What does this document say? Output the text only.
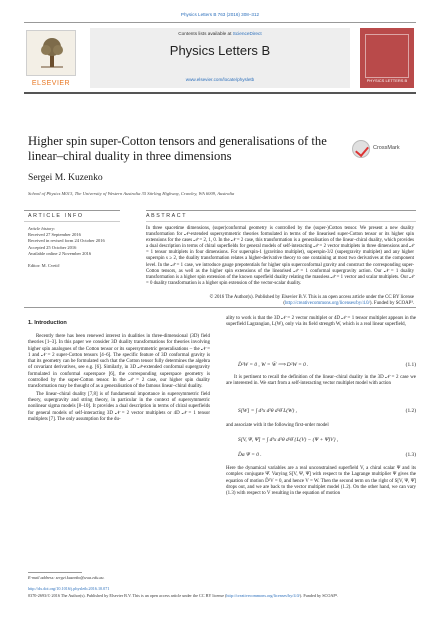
Physics Letters B 763 (2016) 308–312
ELSEVIER
Contents lists available at ScienceDirect
Physics Letters B
www.elsevier.com/locate/physletb	PHYSICS LETTERS B
Higher spin super-Cotton tensors and generalisations of the linear–chiral duality in three dimensions
CrossMark
Sergei M. Kuzenko
School of Physics M013, The University of Western Australia 35 Stirling Highway, Crawley, WA 6009, Australia
ARTICLE INFO	ABSTRACT
Article history:
Received 27 September 2016
Received in revised form 24 October 2016
Accepted 25 October 2016
Available online 2 November 2016
Editor: M. Cvetič
In three spacetime dimensions, (super)conformal geometry is controlled by the (super-)Cotton tensor. We present a new duality transformation for 𝒩-extended supersymmetric theories formulated in terms of the linearised super-Cotton tensor or its higher spin extensions for the cases 𝒩 = 2, 1, 0. In the 𝒩 = 2 case, this transformation is a generalisation of the linear–chiral duality, which provides a dual description in terms of chiral superfields for general models of self-interacting 𝒩 = 2 vector multiplets in three dimensions and 𝒩 = 1 tensor multiplets in four dimensions. For superspin-1 (gravitino multiplet), superspin-3/2 (supergravity multiplet) and any higher superspin s ≥ 2, the duality transformation relates a higher-derivative theory to one containing at most two derivatives at the component level. In the 𝒩 = 1 case, we introduce gauge prepotentials for higher spin superconformal gravity and construct the corresponding super-Cotton tensors, as well as the higher spin extensions of the linearised 𝒩 = 1 conformal supergravity action. Our 𝒩 = 1 duality transformation is a higher spin extension of the known superfield duality relating the massless 𝒩 = 1 vector and scalar multiplets. Our 𝒩 = 0 duality transformation is a higher spin extension of the vector-scalar duality.
© 2016 The Author(s). Published by Elsevier B.V. This is an open access article under the CC BY license (http://creativecommons.org/licenses/by/4.0/). Funded by SCOAP³.
1. Introduction

Recently there has been renewed interest in dualities in three-dimensional (3D) field theories [1–3]. In this paper we consider 3D duality transformations for theories involving higher spin analogues of the Cotton tensor or its supersymmetric generalisations – the 𝒩 = 1 and 𝒩 = 2 super-Cotton tensors [4–6]. The specific feature of 3D conformal gravity is that its geometry can be formulated such that the Cotton tensor fully determines the algebra of covariant derivatives, see e.g. [6]. Similarly, in 3D 𝒩-extended conformal supergravity formulated in conformal superspace [6], the corresponding superspace geometry is controlled by the super-Cotton tensor. In the 𝒩 = 2 case, our higher spin duality transformation may be thought of as a generalisation of the famous linear–chiral duality.

The linear–chiral duality [7,8] is of fundamental importance in supersymmetric field theory, supergravity and string theory, in particular in the context of supersymmetric nonlinear sigma models [8–10]. It provides a dual description in terms of chiral superfields for general models of self-interacting 3D 𝒩 = 2 vector multiplets or 4D 𝒩 = 1 tensor multiplets [7]. The only assumption for the du-

ality to work is that the 3D 𝒩 = 2 vector multiplet or 4D 𝒩 = 1 tensor multiplet appears in the superfield Lagrangian, L(W), only via its field strength W, which is a real linear superfield,

D̄²W = 0 , W = W̄ ⟹ D²W = 0 .	(1.1)

It is pertinent to recall the definition of the linear–chiral duality in the 3D 𝒩 = 2 case we are interested in. We start from a self-interacting vector multiplet model with action

S[W] = ∫ d³x d²θ d²θ̄ L(W) ,	(1.2)

and associate with it the following first-order model

S[V, Ψ, Ψ̄] = ∫ d³x d²θ d²θ̄ {L(V) − (Ψ + Ψ̄)V} ,
D̄α Ψ = 0 .	(1.3)

Here the dynamical variables are a real unconstrained superfield V, a chiral scalar Ψ and its complex conjugate Ψ̄. Varying S[V, Ψ, Ψ̄] with respect to the Lagrange multiplier Ψ gives the equation of motion D̄²V = 0, and hence V = W. Then the second term on the right of S[V, Ψ, Ψ̄] drops out, and we are back to the vector multiplet model (1.2). On the other hand, we can vary (1.3) with respect to V resulting in the equation of motion

E-mail address: sergei.kuzenko@uwa.edu.au.
http://dx.doi.org/10.1016/j.physletb.2016.10.071
0370-2693/© 2016 The Author(s). Published by Elsevier B.V. This is an open access article under the CC BY license (http://creativecommons.org/licenses/by/4.0/). Funded by SCOAP³.
